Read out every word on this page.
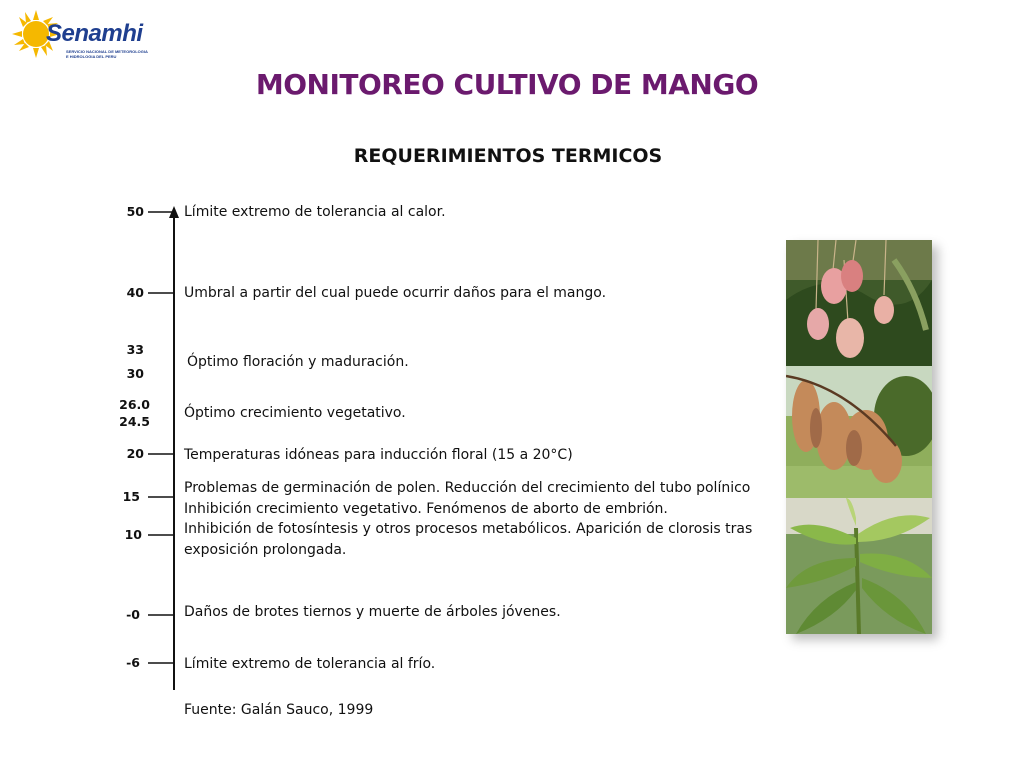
Senamhi
SERVICIO NACIONAL DE METEOROLOGIA E HIDROLOGIA DEL PERU
MONITOREO CULTIVO DE MANGO
REQUERIMIENTOS TERMICOS
50
40
33
30
26.0
24.5
20
15
10
-0
-6
Límite extremo de tolerancia al calor.
Umbral a partir del cual puede ocurrir daños para el mango.
Óptimo floración y maduración.
Óptimo crecimiento vegetativo.
Temperaturas idóneas para inducción floral (15 a 20°C)
Problemas de germinación de polen. Reducción del crecimiento del tubo polínico Inhibición crecimiento vegetativo. Fenómenos de aborto de embrión.
Inhibición de fotosíntesis y otros procesos metabólicos. Aparición de clorosis tras exposición prolongada.
Daños de brotes tiernos y muerte de árboles jóvenes.
Límite extremo de tolerancia al frío.
Fuente: Galán Sauco, 1999
